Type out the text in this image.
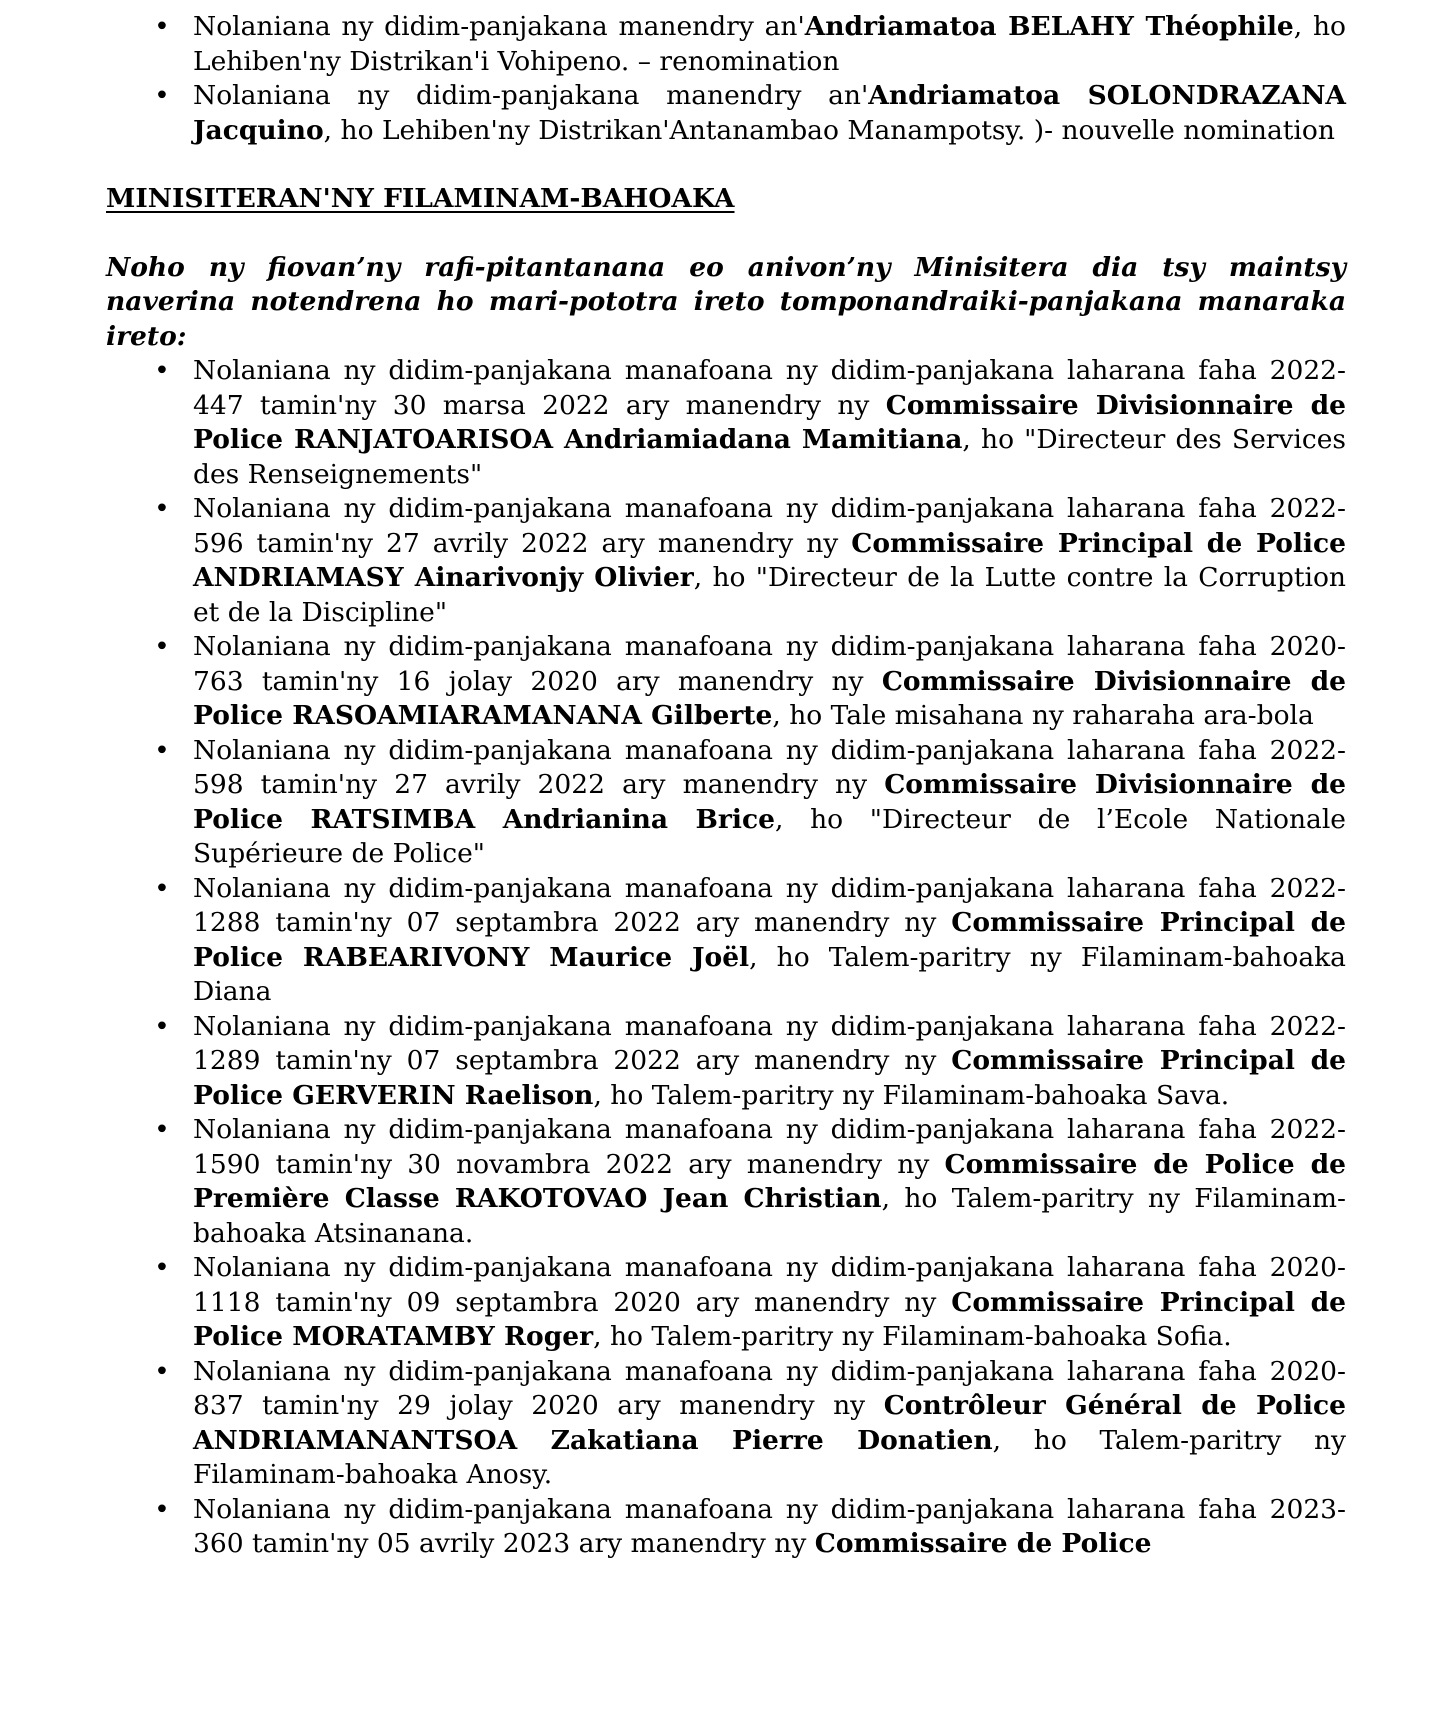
• Nolaniana ny didim-panjakana manendry an'Andriamatoa BELAHY Théophile, ho Lehiben'ny Distrikan'i Vohipeno. – renomination
• Nolaniana ny didim-panjakana manendry an'Andriamatoa SOLONDRAZANA Jacquino, ho Lehiben'ny Distrikan'Antanambao Manampotsy. )- nouvelle nomination
MINISITERAN'NY FILAMINAM-BAHOAKA
Noho ny fiovan’ny rafi-pitantanana eo anivon’ny Minisitera dia tsy maintsy naverina notendrena ho mari-pototra ireto tomponandraiki-panjakana manaraka ireto:
• Nolaniana ny didim-panjakana manafoana ny didim-panjakana laharana faha 2022-447 tamin'ny 30 marsa 2022 ary manendry ny Commissaire Divisionnaire de Police RANJATOARISOA Andriamiadana Mamitiana, ho "Directeur des Services des Renseignements"
• Nolaniana ny didim-panjakana manafoana ny didim-panjakana laharana faha 2022-596 tamin'ny 27 avrily 2022 ary manendry ny Commissaire Principal de Police ANDRIAMASY Ainarivonjy Olivier, ho "Directeur de la Lutte contre la Corruption et de la Discipline"
• Nolaniana ny didim-panjakana manafoana ny didim-panjakana laharana faha 2020-763 tamin'ny 16 jolay 2020 ary manendry ny Commissaire Divisionnaire de Police RASOAMIARAMANANA Gilberte, ho Tale misahana ny raharaha ara-bola
• Nolaniana ny didim-panjakana manafoana ny didim-panjakana laharana faha 2022-598 tamin'ny 27 avrily 2022 ary manendry ny Commissaire Divisionnaire de Police RATSIMBA Andrianina Brice, ho "Directeur de l’Ecole Nationale Supérieure de Police"
• Nolaniana ny didim-panjakana manafoana ny didim-panjakana laharana faha 2022-1288 tamin'ny 07 septambra 2022 ary manendry ny Commissaire Principal de Police RABEARIVONY Maurice Joël, ho Talem-paritry ny Filaminam-bahoaka Diana
• Nolaniana ny didim-panjakana manafoana ny didim-panjakana laharana faha 2022-1289 tamin'ny 07 septambra 2022 ary manendry ny Commissaire Principal de Police GERVERIN Raelison, ho Talem-paritry ny Filaminam-bahoaka Sava.
• Nolaniana ny didim-panjakana manafoana ny didim-panjakana laharana faha 2022-1590 tamin'ny 30 novambra 2022 ary manendry ny Commissaire de Police de Première Classe RAKOTOVAO Jean Christian, ho Talem-paritry ny Filaminam-bahoaka Atsinanana.
• Nolaniana ny didim-panjakana manafoana ny didim-panjakana laharana faha 2020-1118 tamin'ny 09 septambra 2020 ary manendry ny Commissaire Principal de Police MORATAMBY Roger, ho Talem-paritry ny Filaminam-bahoaka Sofia.
• Nolaniana ny didim-panjakana manafoana ny didim-panjakana laharana faha 2020-837 tamin'ny 29 jolay 2020 ary manendry ny Contrôleur Général de Police ANDRIAMANANTSOA Zakatiana Pierre Donatien, ho Talem-paritry ny Filaminam-bahoaka Anosy.
• Nolaniana ny didim-panjakana manafoana ny didim-panjakana laharana faha 2023-360 tamin'ny 05 avrily 2023 ary manendry ny Commissaire de Police
